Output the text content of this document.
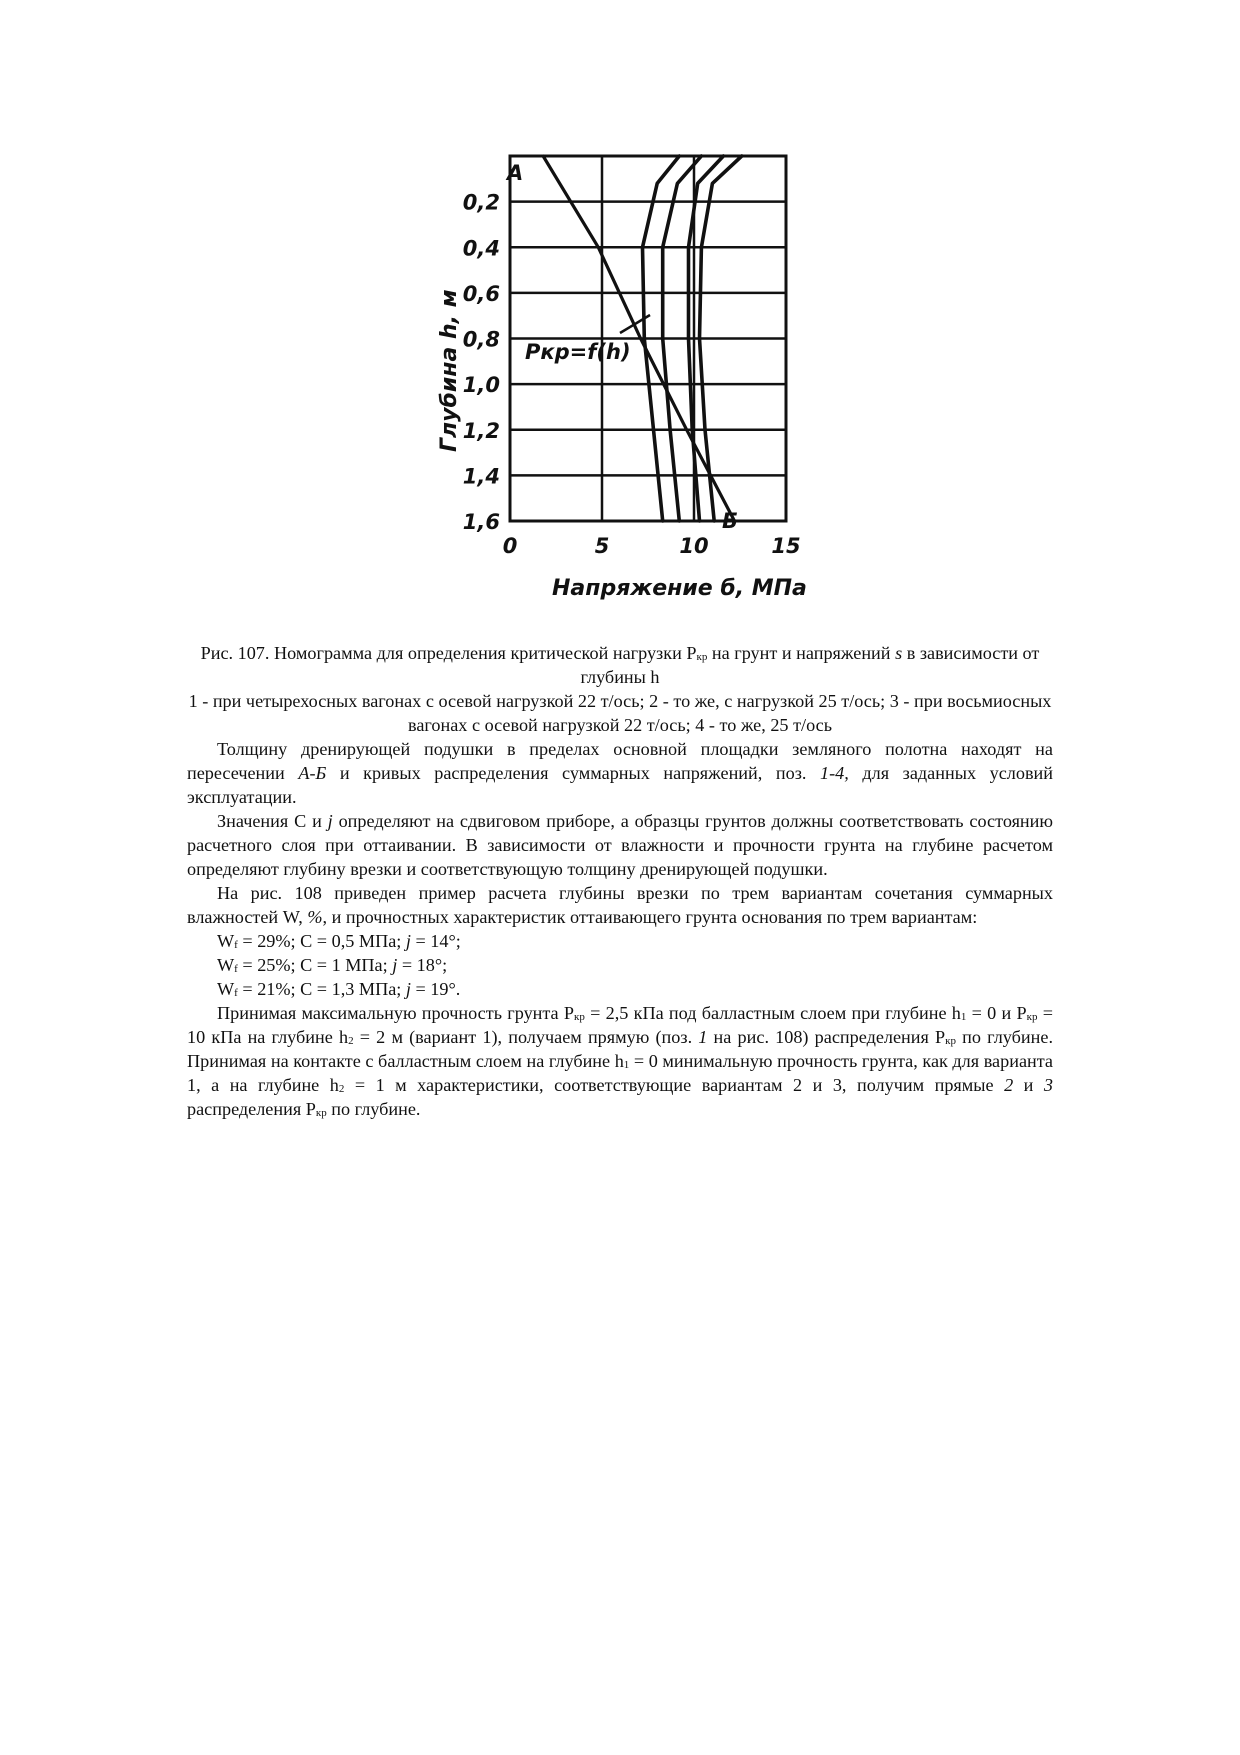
0,2
0,4
0,6
0,8
1,0
1,2
1,4
1,6
0	5	10	15
Глубина h, м
Напряжение б, МПа
А
Б
Pкр=f(h)

Рис. 107. Номограмма для определения критической нагрузки $Р_{кр}$ на грунт и напряжений s в зависимости от глубины h

1 - при четырехосных вагонах с осевой нагрузкой 22 т/ось; 2 - то же, с нагрузкой 25 т/ось; 3 - при восьмиосных вагонах с осевой нагрузкой 22 т/ось; 4 - то же, 25 т/ось

Толщину дренирующей подушки в пределах основной площадки земляного полотна находят на пересечении А-Б и кривых распределения суммарных напряжений, поз. 1-4, для заданных условий эксплуатации.

Значения С и j определяют на сдвиговом приборе, а образцы грунтов должны соответствовать состоянию расчетного слоя при оттаивании. В зависимости от влажности и прочности грунта на глубине расчетом определяют глубину врезки и соответствующую толщину дренирующей подушки.

На рис. 108 приведен пример расчета глубины врезки по трем вариантам сочетания суммарных влажностей W, %, и прочностных характеристик оттаивающего грунта основания по трем вариантам:

$W_f = 29\%$; С = 0,5 МПа; j = 14°;

$W_f = 25\%$; С = 1 МПа; j = 18°;

$W_f = 21\%$; С = 1,3 МПа; j = 19°.

Принимая максимальную прочность грунта $Р_{кр} = 2,5$ кПа под балластным слоем при глубине $h_1 = 0$ и $Р_{кр} = 10$ кПа на глубине $h_2 = 2$ м (вариант 1), получаем прямую (поз. 1 на рис. 108) распределения $Р_{кр}$ по глубине. Принимая на контакте с балластным слоем на глубине $h_1 = 0$ минимальную прочность грунта, как для варианта 1, а на глубине $h_2 = 1$ м характеристики, соответствующие вариантам 2 и 3, получим прямые 2 и 3 распределения $Р_{кр}$ по глубине.
